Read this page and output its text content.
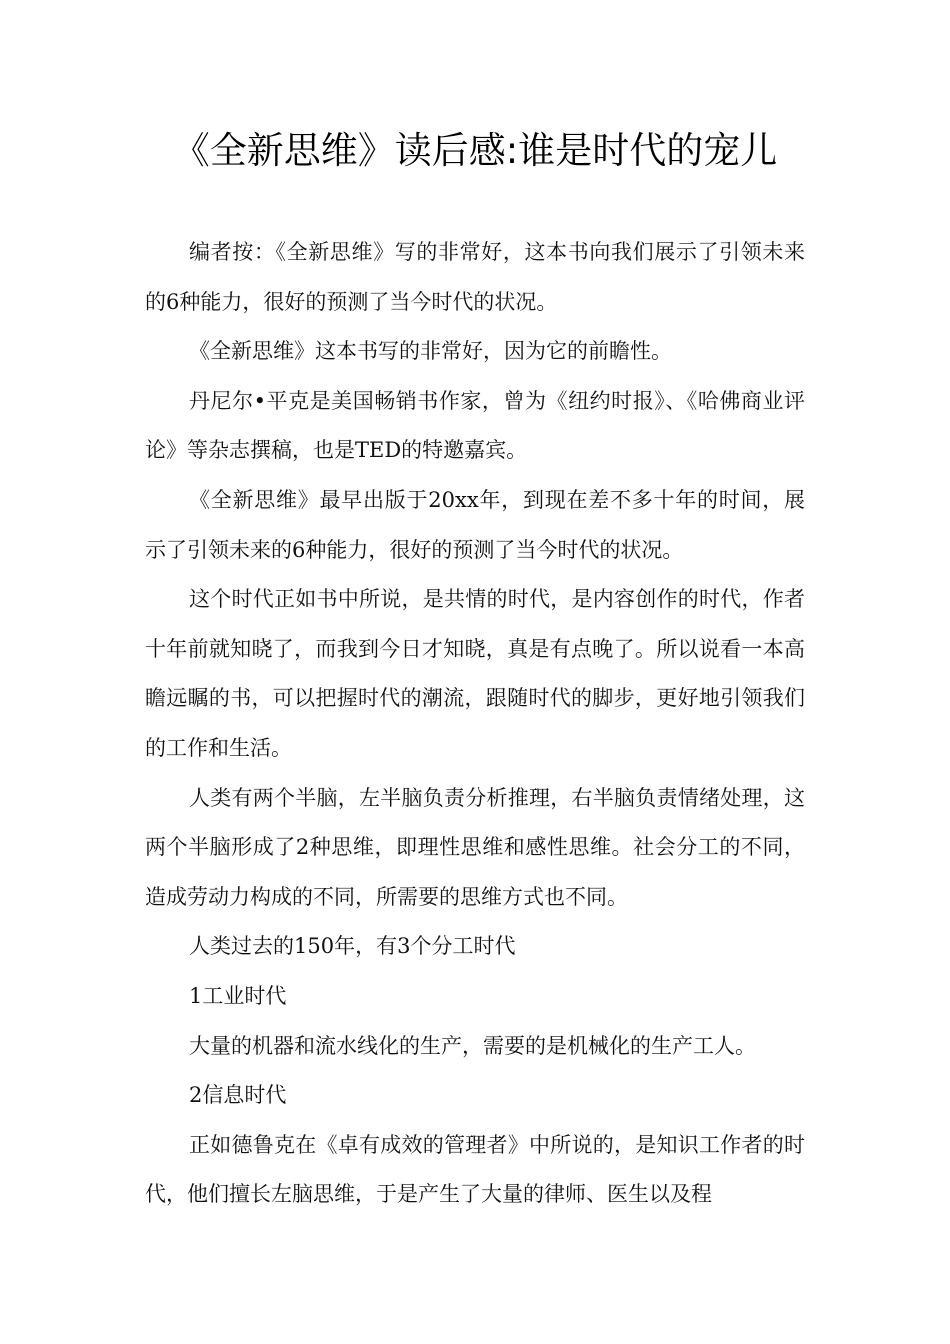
《全新思维》读后感:谁是时代的宠儿

编者按：《全新思维》写的非常好，这本书向我们展示了引领未来的6种能力，很好的预测了当今时代的状况。

《全新思维》这本书写的非常好，因为它的前瞻性。

丹尼尔•平克是美国畅销书作家，曾为《纽约时报》、《哈佛商业评论》等杂志撰稿，也是TED的特邀嘉宾。

《全新思维》最早出版于20xx年，到现在差不多十年的时间，展示了引领未来的6种能力，很好的预测了当今时代的状况。

这个时代正如书中所说，是共情的时代，是内容创作的时代，作者十年前就知晓了，而我到今日才知晓，真是有点晚了。所以说看一本高瞻远瞩的书，可以把握时代的潮流，跟随时代的脚步，更好地引领我们的工作和生活。

人类有两个半脑，左半脑负责分析推理，右半脑负责情绪处理，这两个半脑形成了2种思维，即理性思维和感性思维。社会分工的不同，造成劳动力构成的不同，所需要的思维方式也不同。

人类过去的150年，有3个分工时代

1工业时代

大量的机器和流水线化的生产，需要的是机械化的生产工人。

2信息时代

正如德鲁克在《卓有成效的管理者》中所说的，是知识工作者的时代，他们擅长左脑思维，于是产生了大量的律师、医生以及程
